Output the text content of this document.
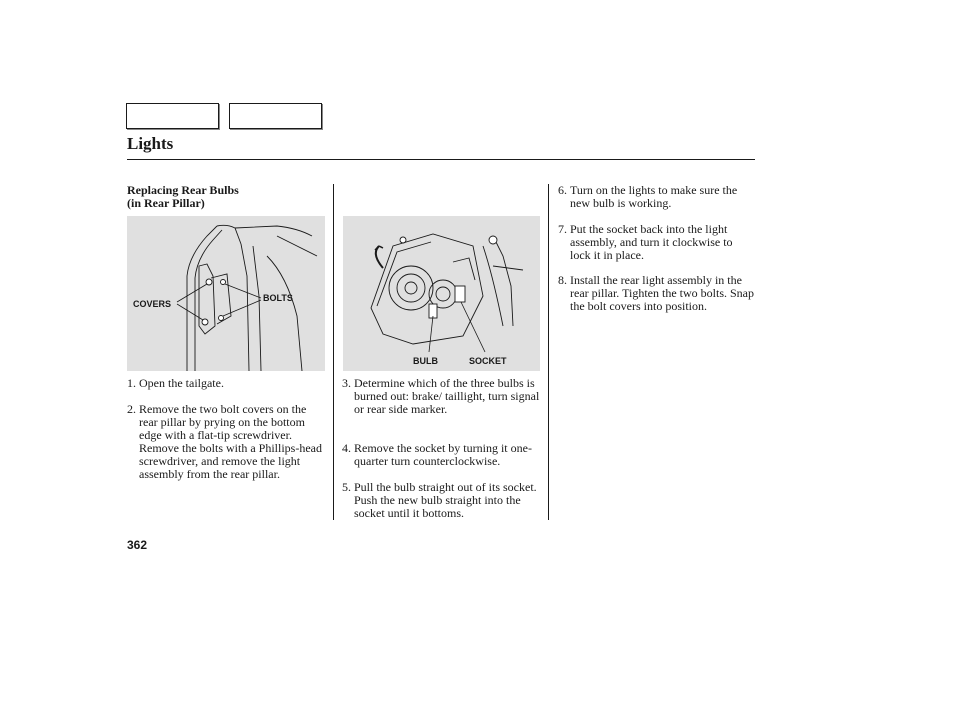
Lights
Replacing Rear Bulbs
(in Rear Pillar)
COVERS
BOLTS
BULB	SOCKET
1. Open the tailgate.
2. Remove the two bolt covers on the rear pillar by prying on the bottom edge with a flat-tip screwdriver. Remove the bolts with a Phillips-head screwdriver, and remove the light assembly from the rear pillar.
3. Determine which of the three bulbs is burned out: brake/ taillight, turn signal or rear side marker.
4. Remove the socket by turning it one-quarter turn counterclockwise.
5. Pull the bulb straight out of its socket. Push the new bulb straight into the socket until it bottoms.
6. Turn on the lights to make sure the new bulb is working.
7. Put the socket back into the light assembly, and turn it clockwise to lock it in place.
8. Install the rear light assembly in the rear pillar. Tighten the two bolts. Snap the bolt covers into position.
362
